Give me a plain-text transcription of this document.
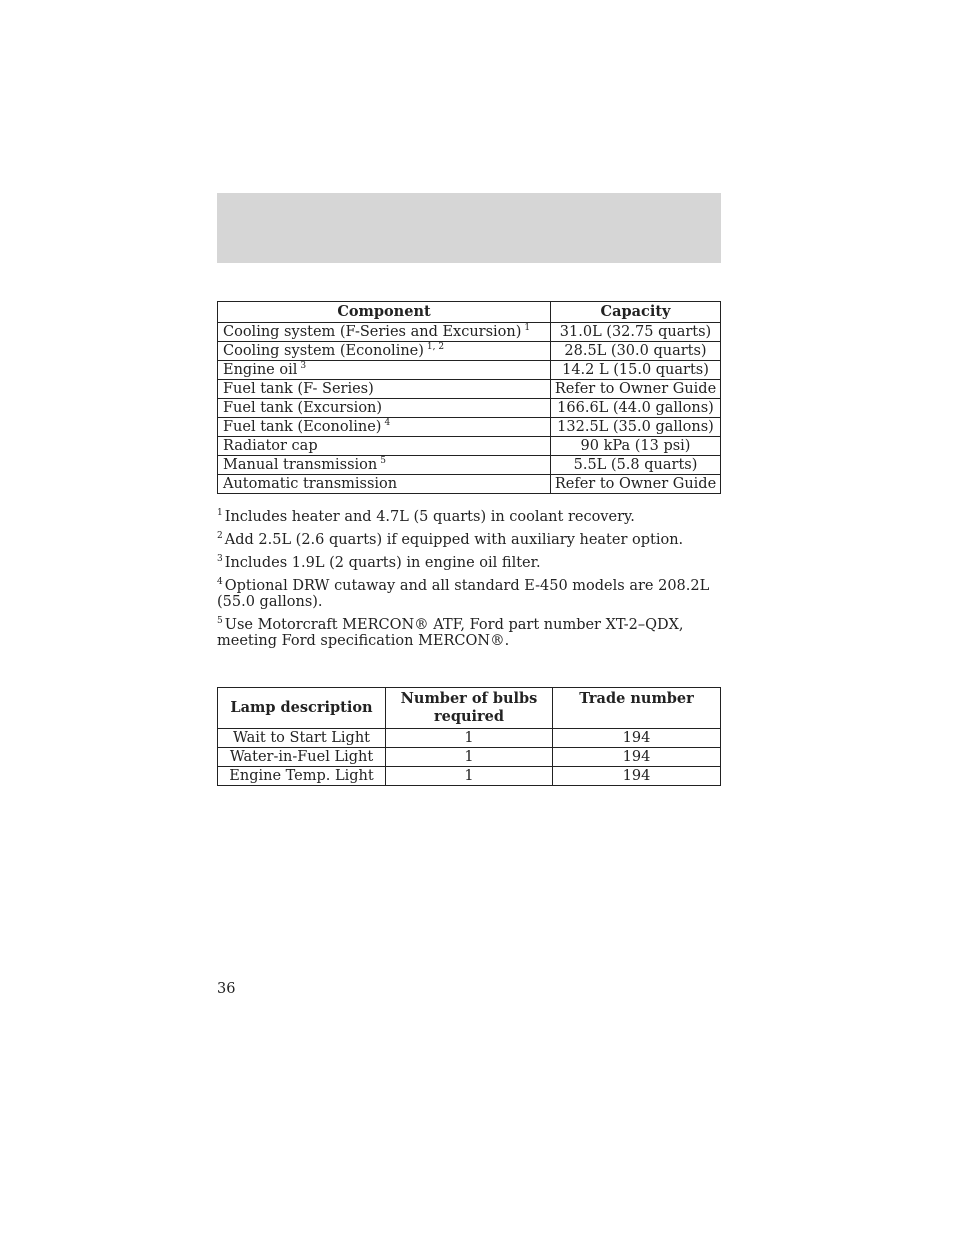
Component	Capacity
Cooling system (F-Series and Excursion) $^1$	31.0L (32.75 quarts)
Cooling system (Econoline) $^{1, 2}$	28.5L (30.0 quarts)
Engine oil $^3$	14.2 L (15.0 quarts)
Fuel tank (F- Series)	Refer to Owner Guide
Fuel tank (Excursion)	166.6L (44.0 gallons)
Fuel tank (Econoline) $^4$	132.5L (35.0 gallons)
Radiator cap	90 kPa (13 psi)
Manual transmission $^5$	5.5L (5.8 quarts)
Automatic transmission	Refer to Owner Guide

$^1$ Includes heater and 4.7L (5 quarts) in coolant recovery.

$^2$ Add 2.5L (2.6 quarts) if equipped with auxiliary heater option.

$^3$ Includes 1.9L (2 quarts) in engine oil filter.

$^4$ Optional DRW cutaway and all standard E-450 models are 208.2L (55.0 gallons).

$^5$ Use Motorcraft MERCON® ATF, Ford part number XT-2–QDX, meeting Ford specification MERCON®.

Lamp description	Number of bulbs required	Trade number
Wait to Start Light	1	194
Water-in-Fuel Light	1	194
Engine Temp. Light	1	194
36
